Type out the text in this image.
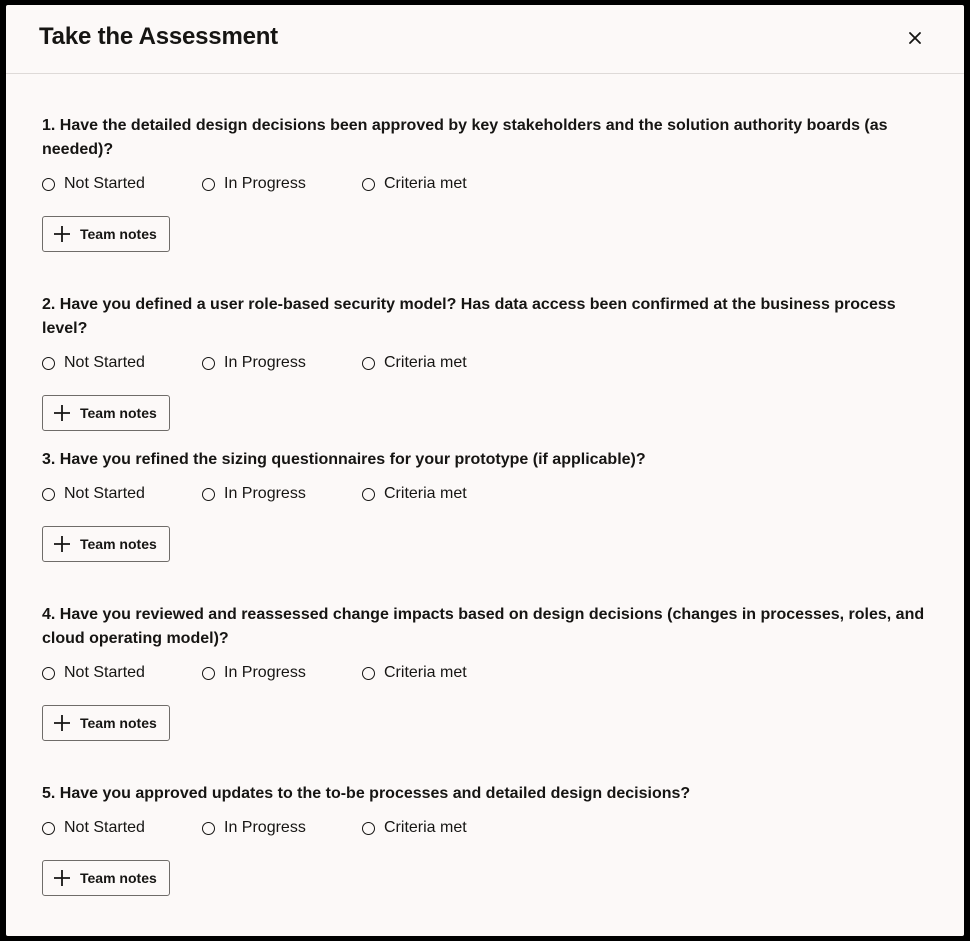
Take the Assessment

1. Have the detailed design decisions been approved by key stakeholders and the solution authority boards (as needed)?

Not Started	In Progress	Criteria met
Team notes

2. Have you defined a user role-based security model? Has data access been confirmed at the business process level?

Not Started	In Progress	Criteria met
Team notes

3. Have you refined the sizing questionnaires for your prototype (if applicable)?

Not Started	In Progress	Criteria met
Team notes

4. Have you reviewed and reassessed change impacts based on design decisions (changes in processes, roles, and cloud operating model)?

Not Started	In Progress	Criteria met
Team notes

5. Have you approved updates to the to-be processes and detailed design decisions?

Not Started	In Progress	Criteria met
Team notes
